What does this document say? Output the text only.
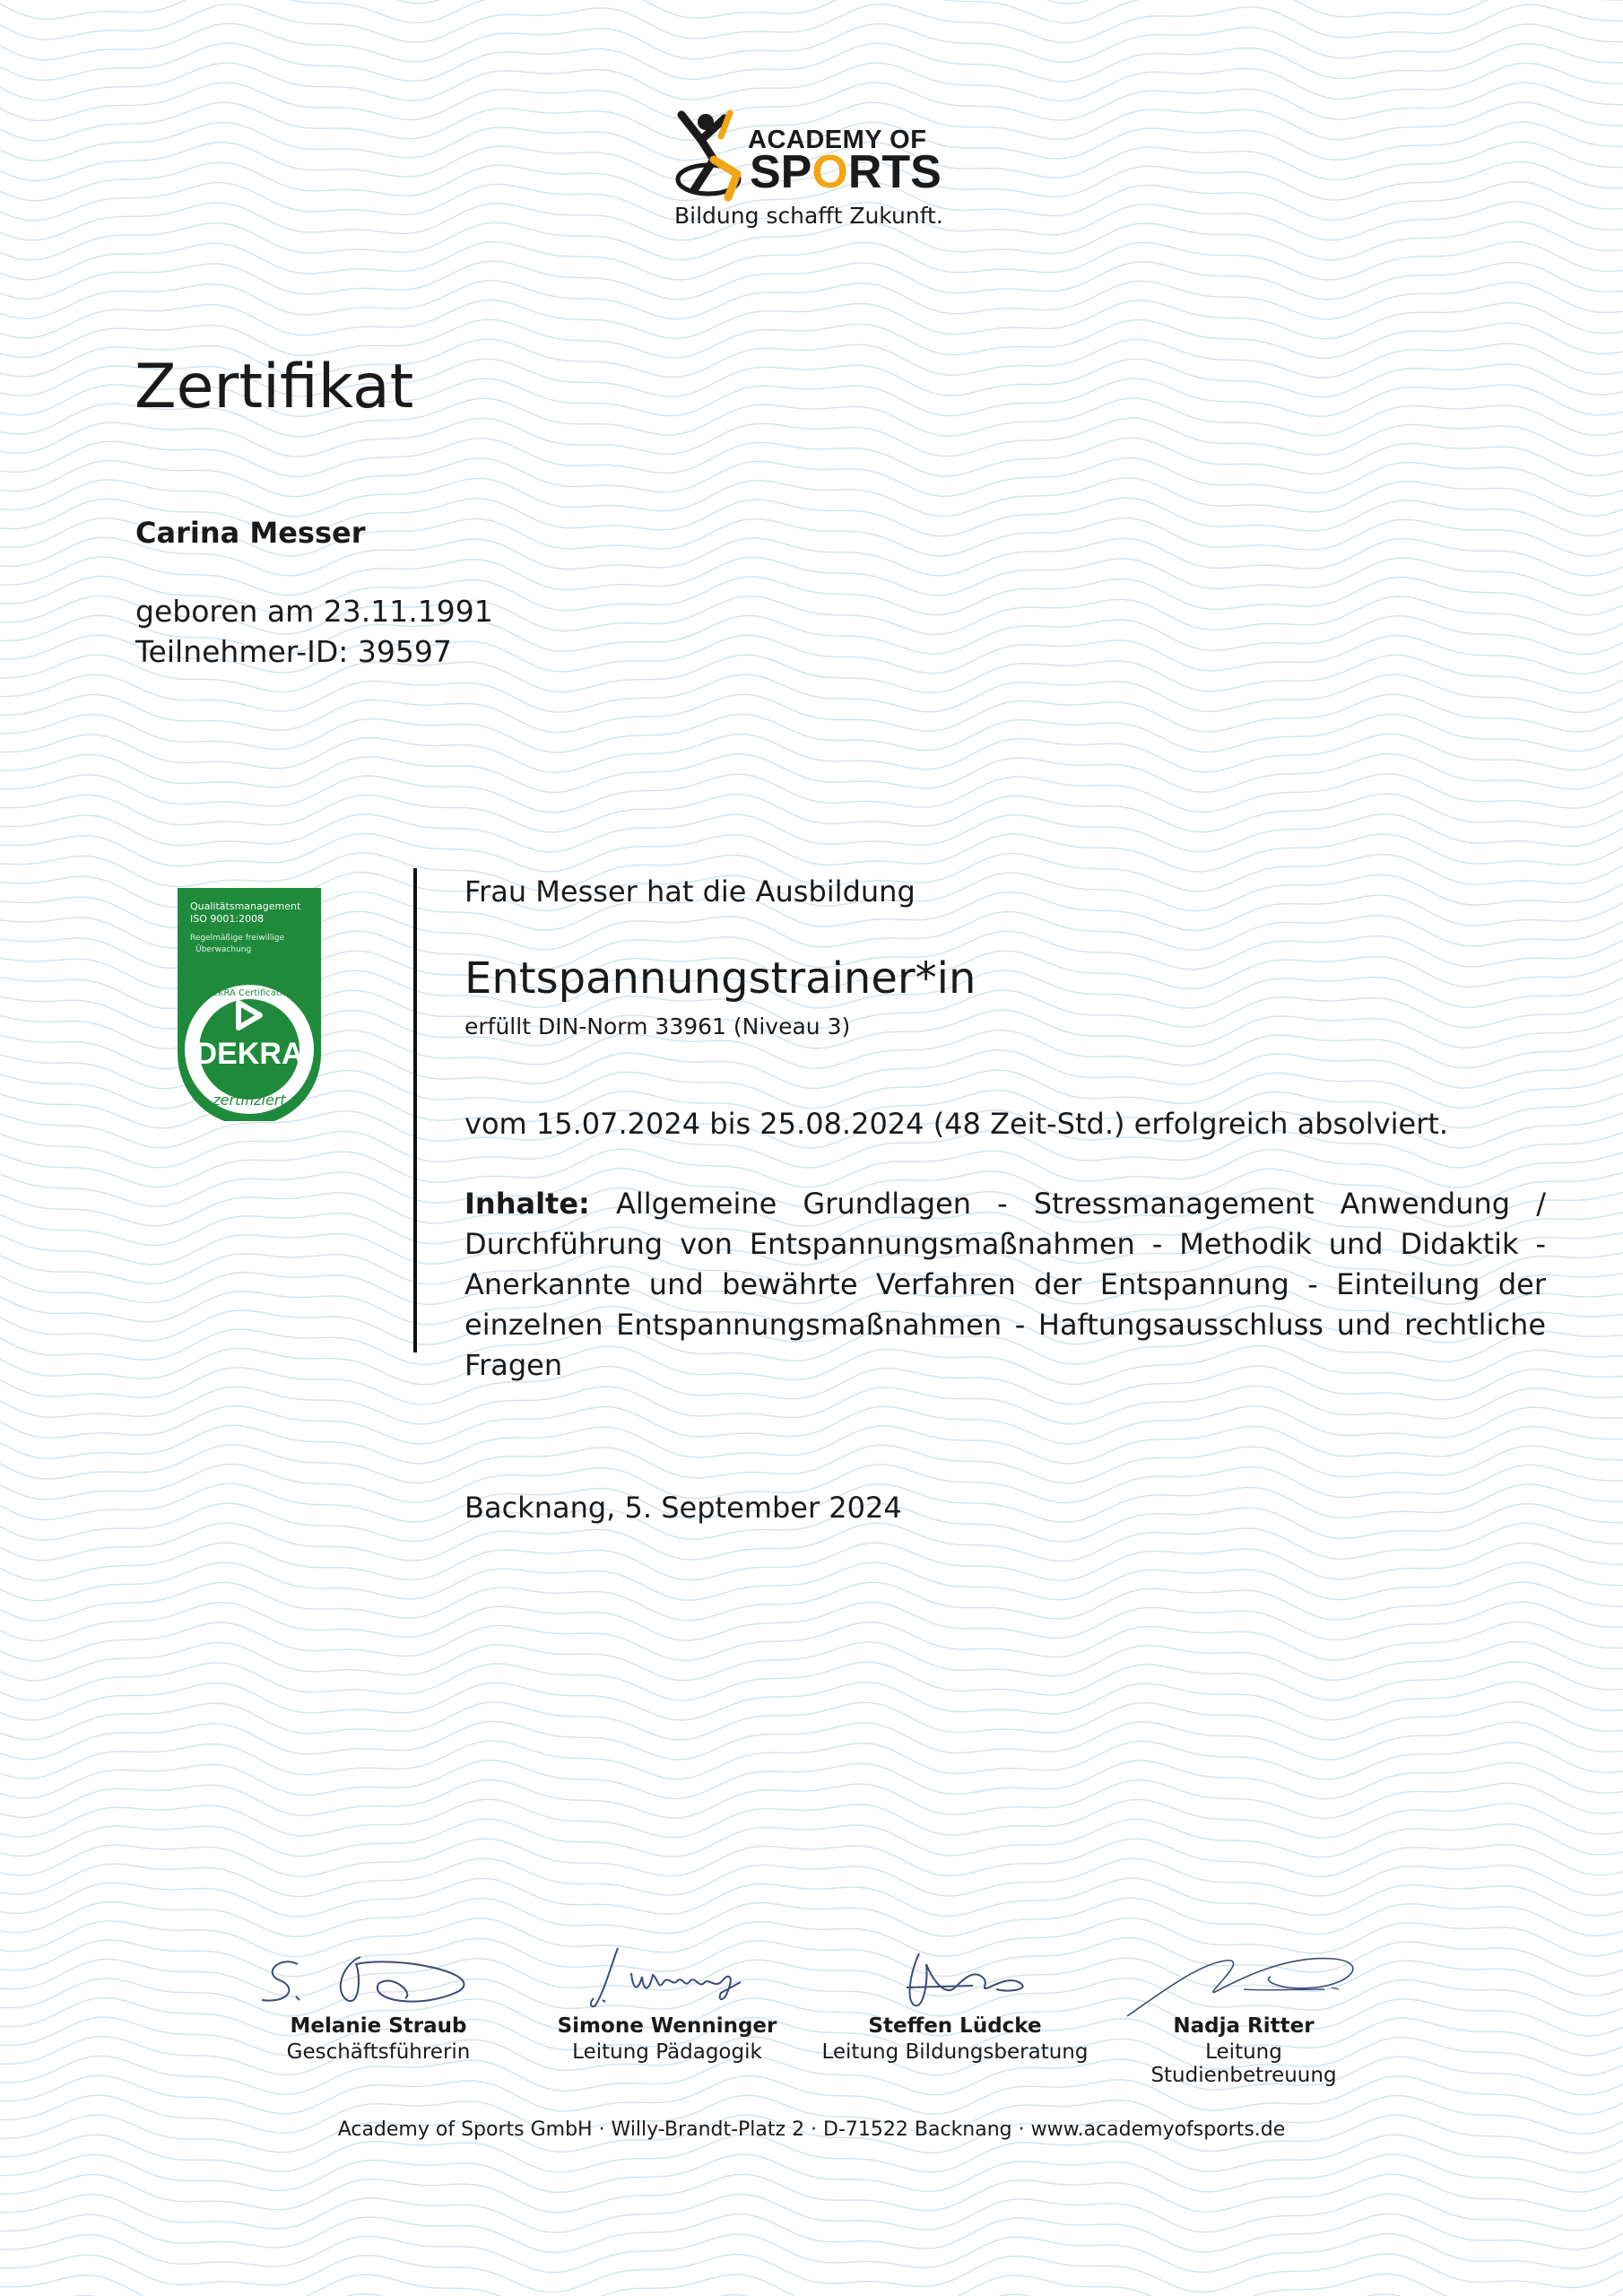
ACADEMY OF
SPORTS
Bildung schafft Zukunft.
Zertifikat
Carina Messer
geboren am 23.11.1991
Teilnehmer-ID: 39597
Qualitätsmanagement
ISO 9001:2008
Regelmäßige freiwillige
Überwachung
DEKRA
DEKRA Certification
zertifiziert
Frau Messer hat die Ausbildung
Entspannungstrainer*in
erfüllt DIN-Norm 33961 (Niveau 3)
vom 15.07.2024 bis 25.08.2024 (48 Zeit-Std.) erfolgreich absolviert.

Inhalte: Allgemeine Grundlagen - Stressmanagement Anwendung / Durchführung von Entspannungsmaßnahmen - Methodik und Didaktik - Anerkannte und bewährte Verfahren der Entspannung - Einteilung der einzelnen Entspannungsmaßnahmen - Haftungsausschluss und rechtliche Fragen

Backnang, 5. September 2024
Melanie Straub
Geschäftsführerin
Simone Wenninger
Leitung Pädagogik
Steffen Lüdcke
Leitung Bildungsberatung
Nadja Ritter
Leitung Studienbetreuung
Academy of Sports GmbH · Willy-Brandt-Platz 2 · D-71522 Backnang · www.academyofsports.de
